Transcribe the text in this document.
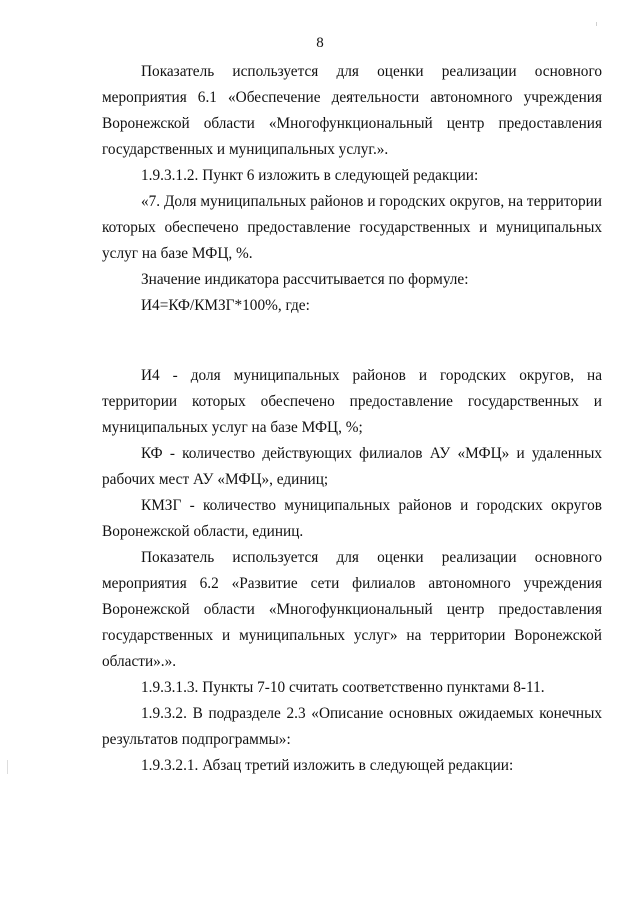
8

Показатель используется для оценки реализации основного мероприятия 6.1 «Обеспечение деятельности автономного учреждения Воронежской области «Многофункциональный центр предоставления государственных и муниципальных услуг.».

1.9.3.1.2. Пункт 6 изложить в следующей редакции:

«7. Доля муниципальных районов и городских округов, на территории которых обеспечено предоставление государственных и муниципальных услуг на базе МФЦ, %.

Значение индикатора рассчитывается по формуле:

И4=КФ/КМЗГ*100%, где:

И4 - доля муниципальных районов и городских округов, на территории которых обеспечено предоставление государственных и муниципальных услуг на базе МФЦ, %;

КФ - количество действующих филиалов АУ «МФЦ» и удаленных рабочих мест АУ «МФЦ», единиц;

КМЗГ - количество муниципальных районов и городских округов Воронежской области, единиц.

Показатель используется для оценки реализации основного мероприятия 6.2 «Развитие сети филиалов автономного учреждения Воронежской области «Многофункциональный центр предоставления государственных и муниципальных услуг» на территории Воронежской области».».

1.9.3.1.3. Пункты 7-10 считать соответственно пунктами 8-11.

1.9.3.2. В подразделе 2.3 «Описание основных ожидаемых конечных результатов подпрограммы»:

1.9.3.2.1. Абзац третий изложить в следующей редакции:
